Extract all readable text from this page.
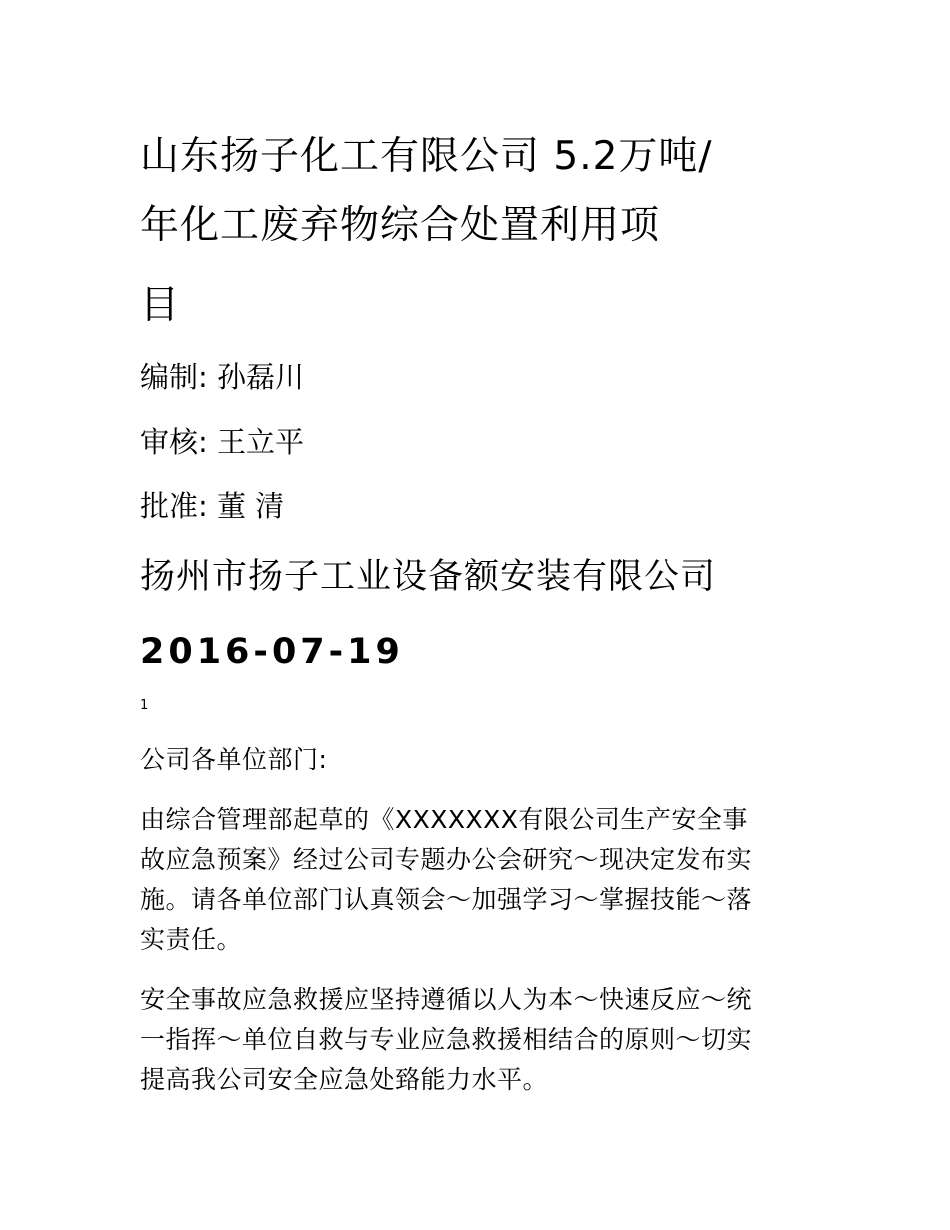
山东扬子化工有限公司 5.2万吨/
年化工废弃物综合处置利用项
目
编制: 孙磊川
审核: 王立平
批准: 董 清
扬州市扬子工业设备额安装有限公司
2016-07-19
1
公司各单位部门:
由综合管理部起草的《XXXXXXX有限公司生产安全事
故应急预案》经过公司专题办公会研究～现决定发布实
施。请各单位部门认真领会～加强学习～掌握技能～落
实责任。
安全事故应急救援应坚持遵循以人为本～快速反应～统
一指挥～单位自救与专业应急救援相结合的原则～切实
提高我公司安全应急处臵能力水平。
